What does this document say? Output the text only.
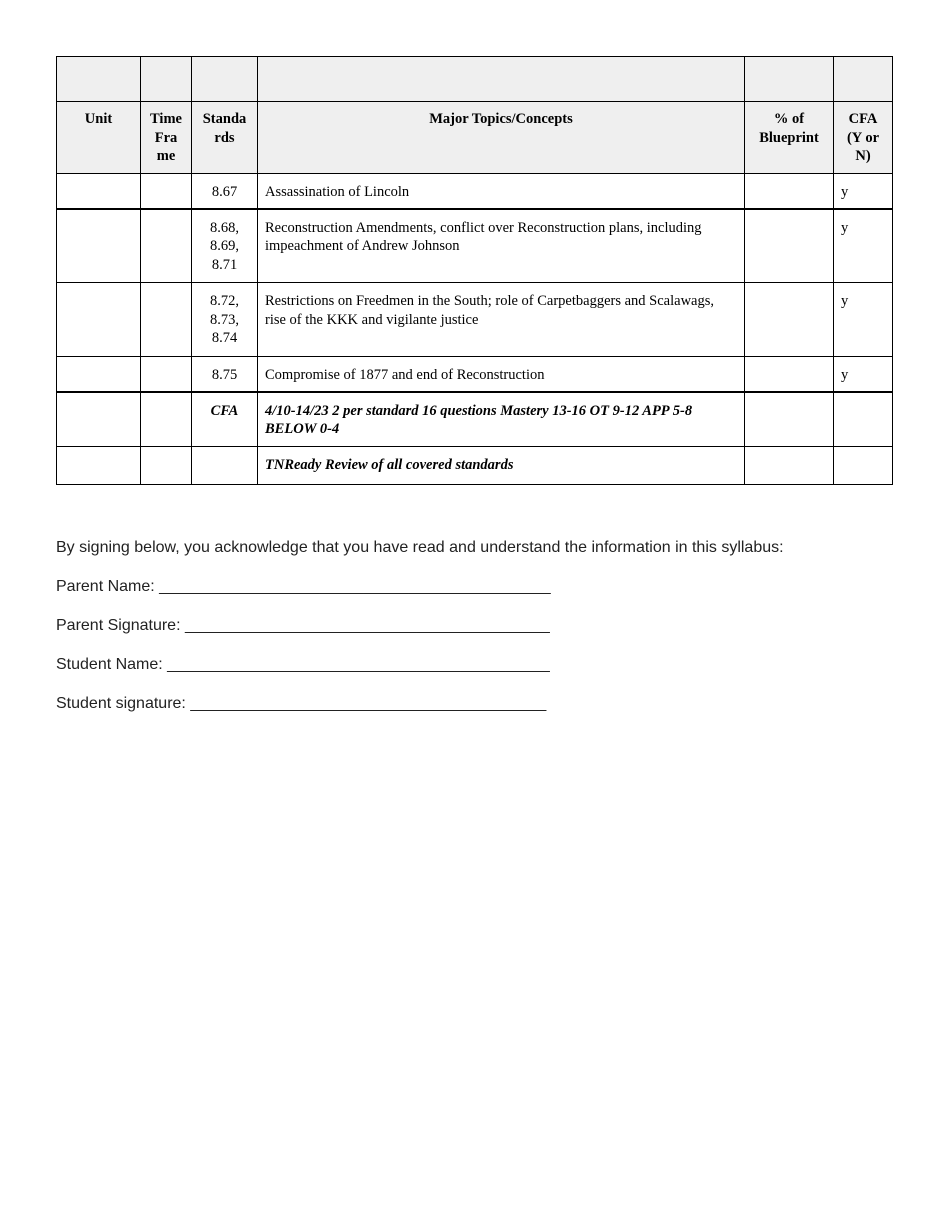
Unit	Time Fra me	Standa rds	Major Topics/Concepts	% of Blueprint	CFA (Y or N)
		8.67	Assassination of Lincoln		y
		8.68, 8.69, 8.71	Reconstruction Amendments, conflict over Reconstruction plans, including impeachment of Andrew Johnson		y
		8.72, 8.73, 8.74	Restrictions on Freedmen in the South; role of Carpetbaggers and Scalawags, rise of the KKK and vigilante justice		y
		8.75	Compromise of 1877 and end of Reconstruction		y
		CFA	4/10-14/23 2 per standard 16 questions Mastery 13-16 OT 9-12 APP 5-8 BELOW 0-4		
			TNReady Review of all covered standards		

By signing below, you acknowledge that you have read and understand the information in this syllabus:

Parent Name: ____________________________________________

Parent Signature: _________________________________________

Student Name: ___________________________________________

Student signature: ________________________________________
